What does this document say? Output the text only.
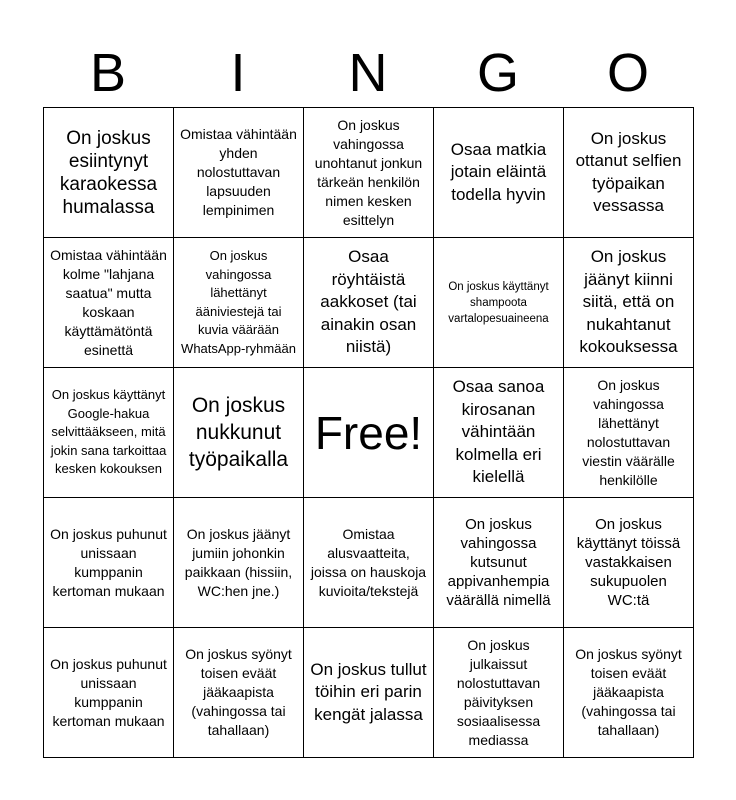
B	I	N	G	O
On joskus esiintynyt karaokessa humalassa	Omistaa vähintään yhden nolostuttavan lapsuuden lempinimen	On joskus vahingossa unohtanut jonkun tärkeän henkilön nimen kesken esittelyn	Osaa matkia jotain eläintä todella hyvin	On joskus ottanut selfien työpaikan vessassa
Omistaa vähintään kolme "lahjana saatua" mutta koskaan käyttämätöntä esinettä	On joskus vahingossa lähettänyt ääniviestejä tai kuvia väärään WhatsApp-ryhmään	Osaa röyhtäistä aakkoset (tai ainakin osan niistä)	On joskus käyttänyt shampoota vartalopesuaineena	On joskus jäänyt kiinni siitä, että on nukahtanut kokouksessa
On joskus käyttänyt Google-hakua selvittääkseen, mitä jokin sana tarkoittaa kesken kokouksen	On joskus nukkunut työpaikalla	Free!	Osaa sanoa kirosanan vähintään kolmella eri kielellä	On joskus vahingossa lähettänyt nolostuttavan viestin väärälle henkilölle
On joskus puhunut unissaan kumppanin kertoman mukaan	On joskus jäänyt jumiin johonkin paikkaan (hissiin, WC:hen jne.)	Omistaa alusvaatteita, joissa on hauskoja kuvioita/tekstejä	On joskus vahingossa kutsunut appivanhempia väärällä nimellä	On joskus käyttänyt töissä vastakkaisen sukupuolen WC:tä
On joskus puhunut unissaan kumppanin kertoman mukaan	On joskus syönyt toisen eväät jääkaapista (vahingossa tai tahallaan)	On joskus tullut töihin eri parin kengät jalassa	On joskus julkaissut nolostuttavan päivityksen sosiaalisessa mediassa	On joskus syönyt toisen eväät jääkaapista (vahingossa tai tahallaan)
